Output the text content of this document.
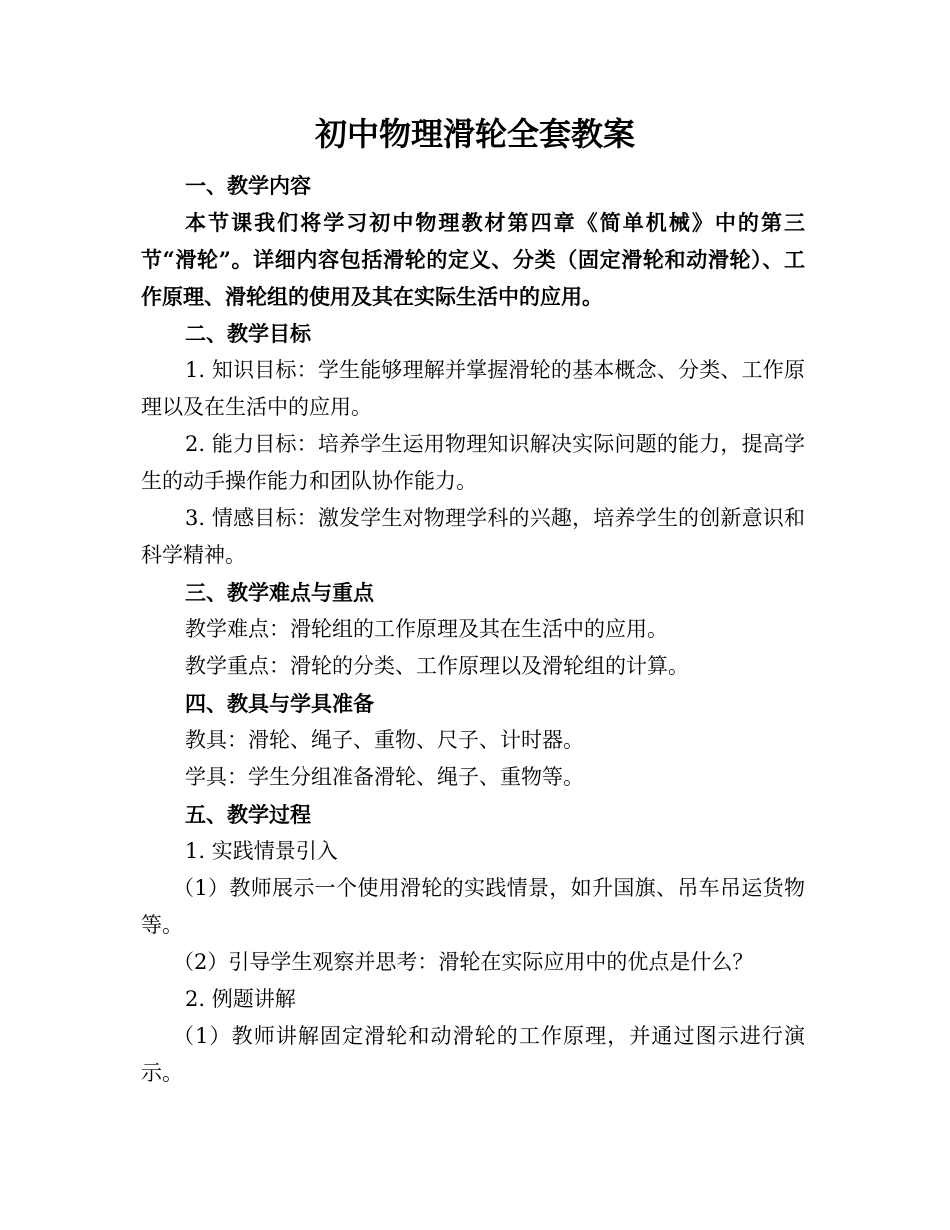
初中物理滑轮全套教案

一、教学内容

本节课我们将学习初中物理教材第四章《简单机械》中的第三节“滑轮”。详细内容包括滑轮的定义、分类（固定滑轮和动滑轮）、工作原理、滑轮组的使用及其在实际生活中的应用。

二、教学目标

1. 知识目标：学生能够理解并掌握滑轮的基本概念、分类、工作原理以及在生活中的应用。

2. 能力目标：培养学生运用物理知识解决实际问题的能力，提高学生的动手操作能力和团队协作能力。

3. 情感目标：激发学生对物理学科的兴趣，培养学生的创新意识和科学精神。

三、教学难点与重点

教学难点：滑轮组的工作原理及其在生活中的应用。

教学重点：滑轮的分类、工作原理以及滑轮组的计算。

四、教具与学具准备

教具：滑轮、绳子、重物、尺子、计时器。

学具：学生分组准备滑轮、绳子、重物等。

五、教学过程

1. 实践情景引入

（1）教师展示一个使用滑轮的实践情景，如升国旗、吊车吊运货物等。

（2）引导学生观察并思考：滑轮在实际应用中的优点是什么？

2. 例题讲解

（1）教师讲解固定滑轮和动滑轮的工作原理，并通过图示进行演示。
